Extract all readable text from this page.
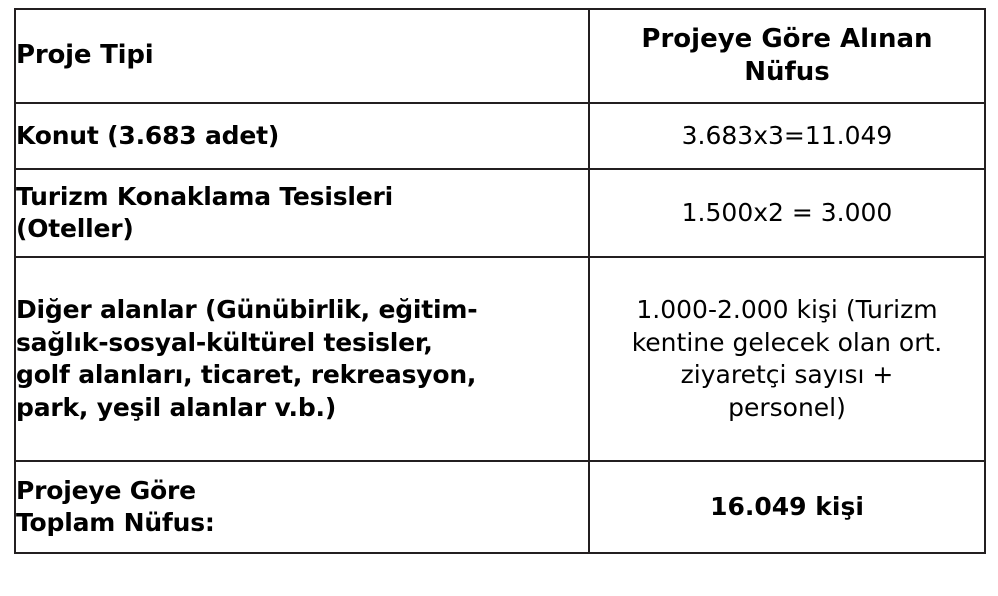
Proje Tipi	Projeye Göre Alınan
Nüfus

Konut (3.683 adet)	3.683x3=11.049

Turizm Konaklama Tesisleri
(Oteller)	1.500x2 = 3.000

Diğer alanlar (Günübirlik, eğitim-
sağlık-sosyal-kültürel tesisler,
golf alanları, ticaret, rekreasyon,
park, yeşil alanlar v.b.)	1.000-2.000 kişi (Turizm
kentine gelecek olan ort.
ziyaretçi sayısı +
personel)

Projeye Göre
Toplam Nüfus:	16.049 kişi
